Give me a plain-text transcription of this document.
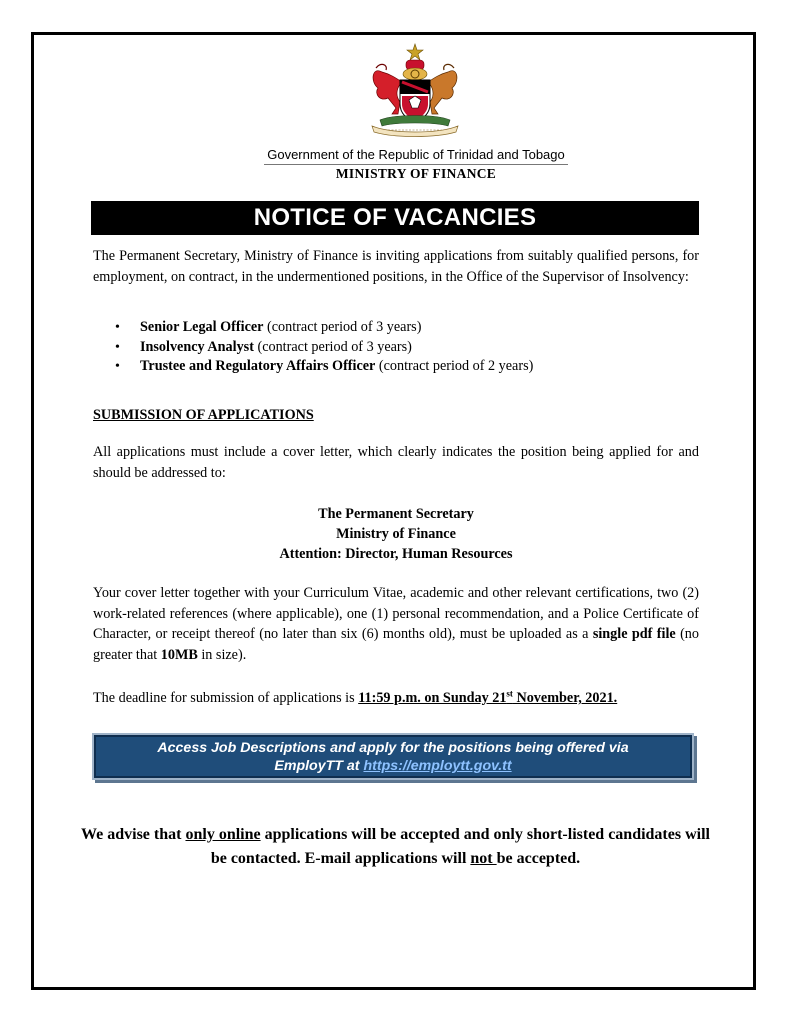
Government of the Republic of Trinidad and Tobago
MINISTRY OF FINANCE
NOTICE OF VACANCIES

The Permanent Secretary, Ministry of Finance is inviting applications from suitably qualified persons, for employment, on contract, in the undermentioned positions, in the Office of the Supervisor of Insolvency:

• Senior Legal Officer (contract period of 3 years)
• Insolvency Analyst (contract period of 3 years)
• Trustee and Regulatory Affairs Officer (contract period of 2 years)
SUBMISSION OF APPLICATIONS

All applications must include a cover letter, which clearly indicates the position being applied for and should be addressed to:

The Permanent Secretary
Ministry of Finance
Attention: Director, Human Resources

Your cover letter together with your Curriculum Vitae, academic and other relevant certifications, two (2) work-related references (where applicable), one (1) personal recommendation, and a Police Certificate of Character, or receipt thereof (no later than six (6) months old), must be uploaded as a single pdf file (no greater that 10MB in size).

The deadline for submission of applications is 11:59 p.m. on Sunday 21st November, 2021.
Access Job Descriptions and apply for the positions being offered via
EmployTT at https://employtt.gov.tt
We advise that only online applications will be accepted and only short-listed candidates will be contacted. E-mail applications will not be accepted.
